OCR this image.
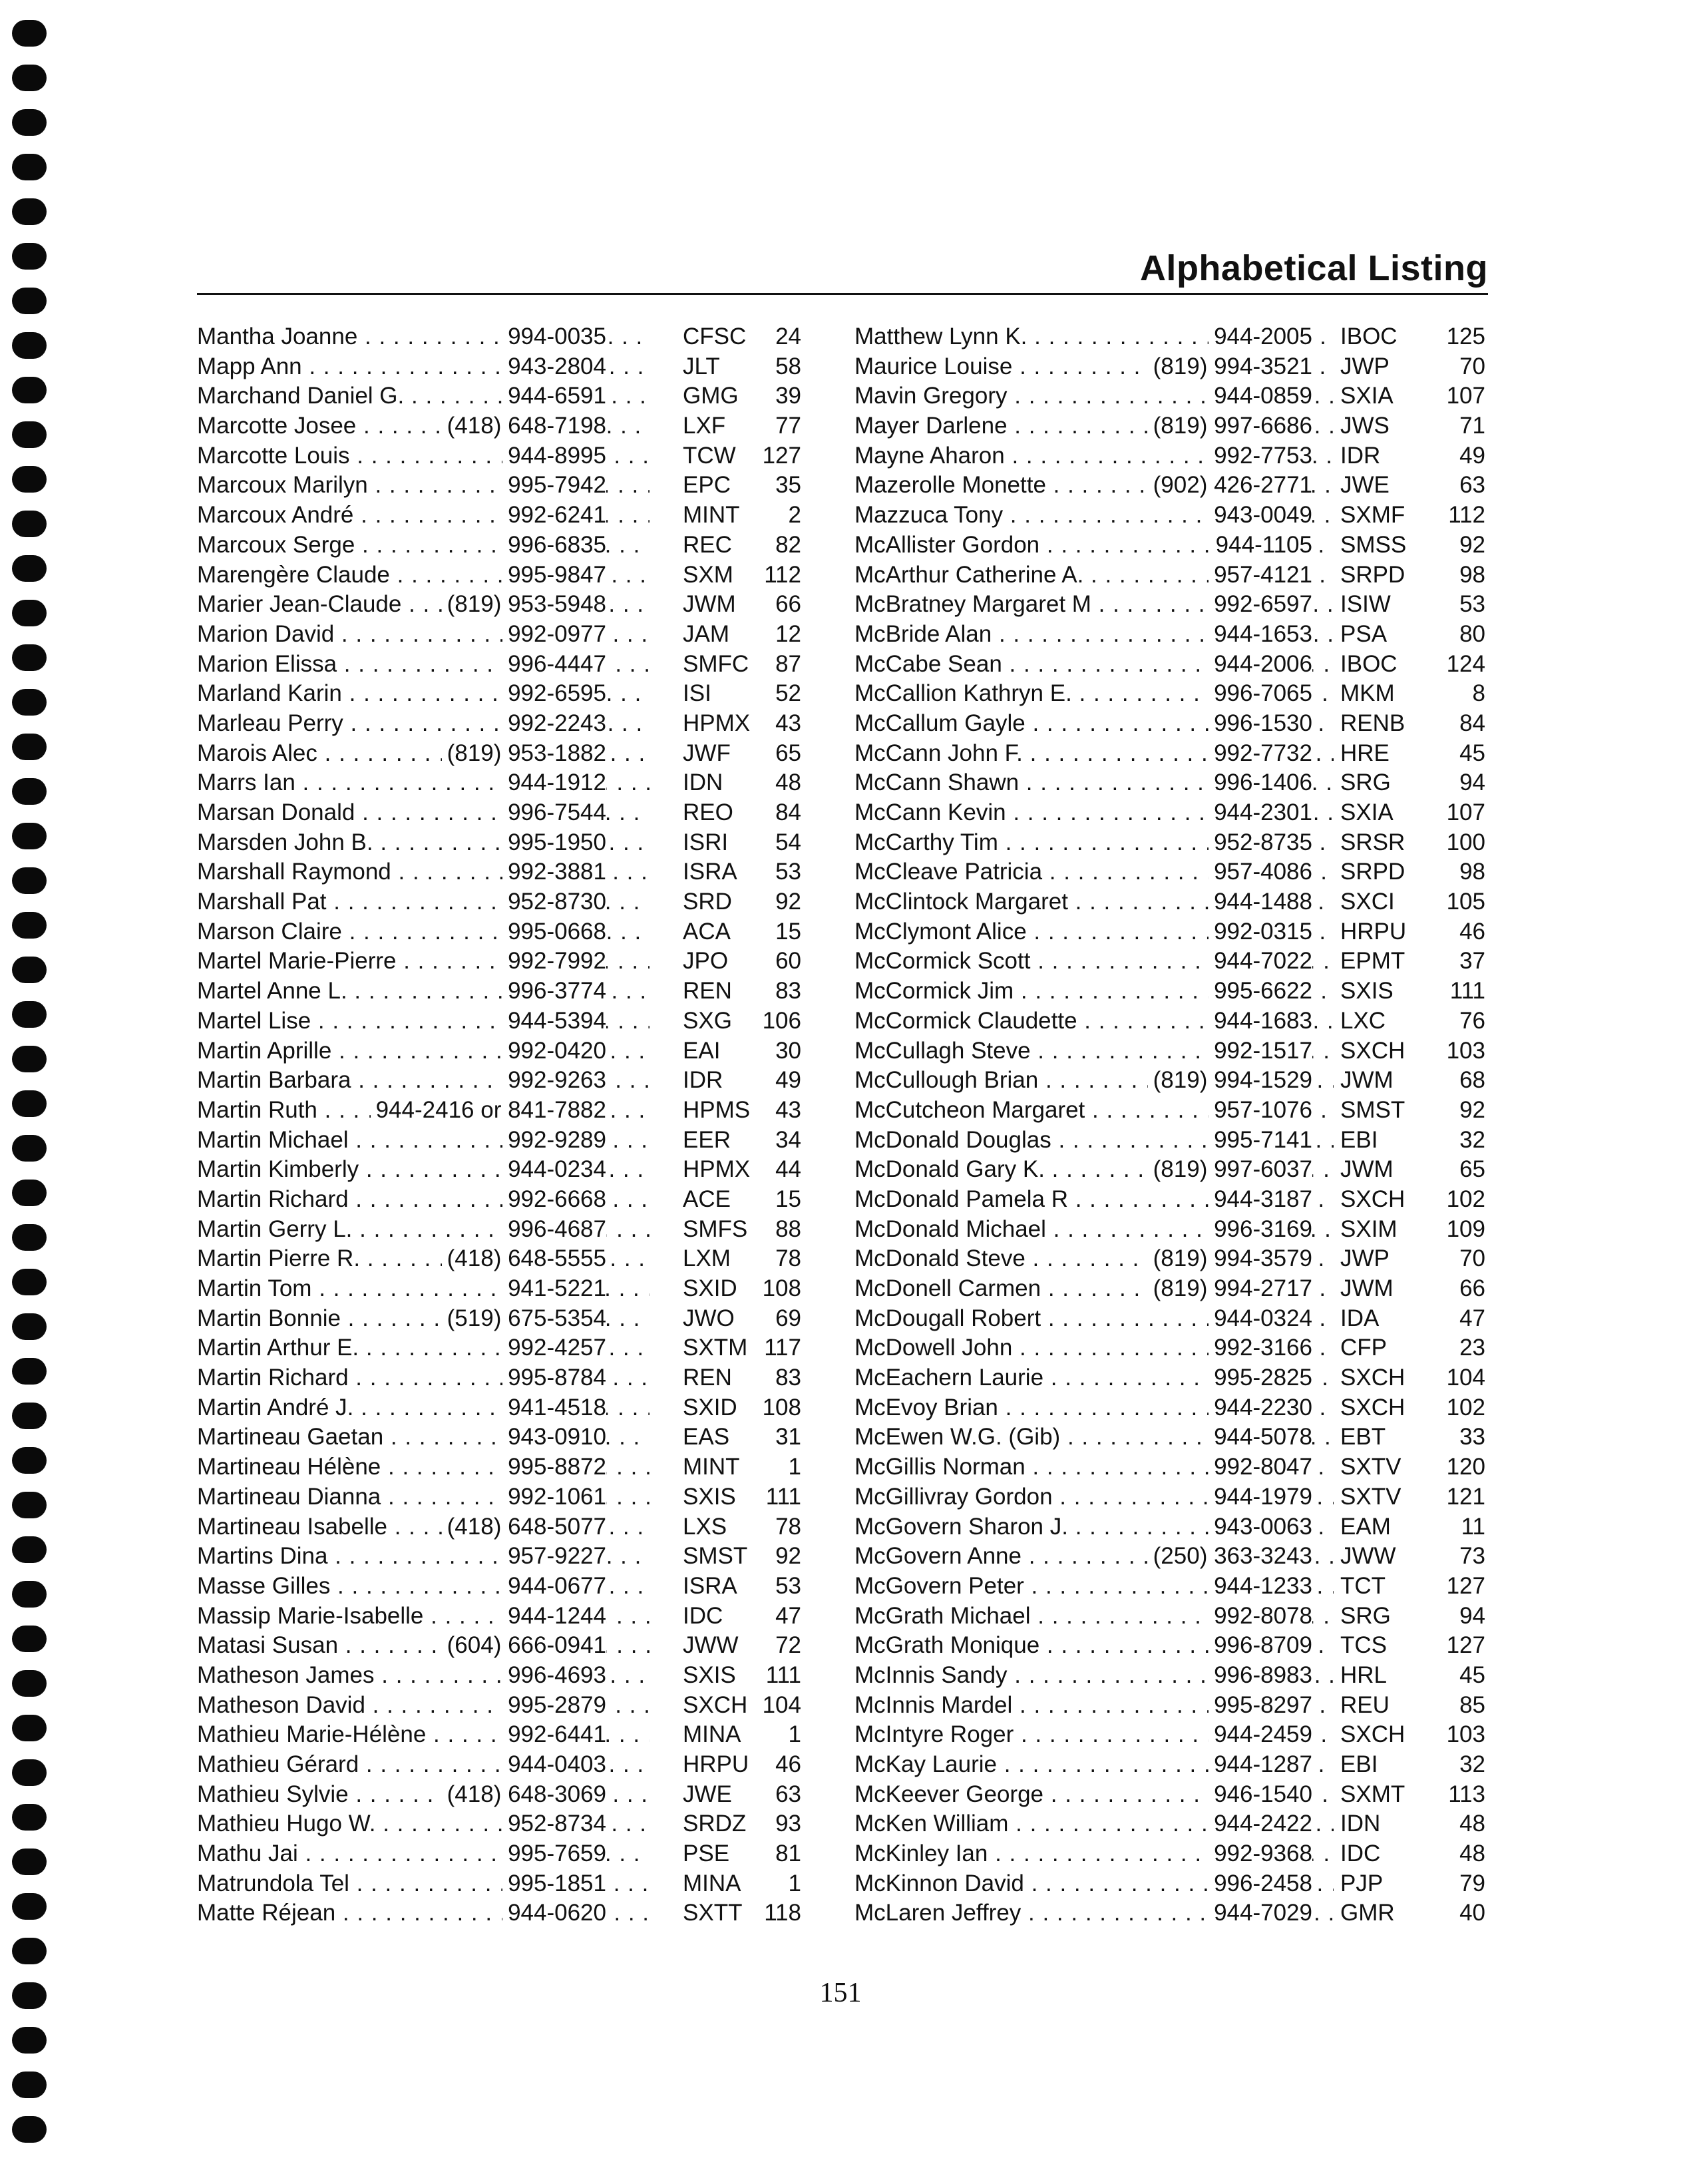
Alphabetical Listing
Mantha Joanne . . .	994-0035	CFSC	24
Mapp Ann . . .	943-2804	JLT	58
Marchand Daniel G. . . .	944-6591	GMG	39
Marcotte Josee . . .	(418) 648-7198	LXF	77
Marcotte Louis . . .	944-8995	TCW	127
Marcoux Marilyn . . .	995-7942	EPC	35
Marcoux André . . .	992-6241	MINT	2
Marcoux Serge . . .	996-6835	REC	82
Marengère Claude . . .	995-9847	SXM	112
Marier Jean-Claude . . .	(819) 953-5948	JWM	66
Marion David . . .	992-0977	JAM	12
Marion Elissa . . .	996-4447	SMFC	87
Marland Karin . . .	992-6595	ISI	52
Marleau Perry . . .	992-2243	HPMX	43
Marois Alec . . .	(819) 953-1882	JWF	65
Marrs Ian . . .	944-1912	IDN	48
Marsan Donald . . .	996-7544	REO	84
Marsden John B. . . .	995-1950	ISRI	54
Marshall Raymond . . .	992-3881	ISRA	53
Marshall Pat . . .	952-8730	SRD	92
Marson Claire . . .	995-0668	ACA	15
Martel Marie-Pierre . . .	992-7992	JPO	60
Martel Anne L. . . .	996-3774	REN	83
Martel Lise . . .	944-5394	SXG	106
Martin Aprille . . .	992-0420	EAI	30
Martin Barbara . . .	992-9263	IDR	49
Martin Ruth . . .	944-2416 or 841-7882	HPMS	43
Martin Michael . . .	992-9289	EER	34
Martin Kimberly . . .	944-0234	HPMX	44
Martin Richard . . .	992-6668	ACE	15
Martin Gerry L. . . .	996-4687	SMFS	88
Martin Pierre R. . . .	(418) 648-5555	LXM	78
Martin Tom . . .	941-5221	SXID	108
Martin Bonnie . . .	(519) 675-5354	JWO	69
Martin Arthur E. . . .	992-4257	SXTM 117
Martin Richard . . .	995-8784	REN	83
Martin André J. . . .	941-4518	SXID	108
Martineau Gaetan . . .	943-0910	EAS	31
Martineau Hélène . . .	995-8872	MINT	1
Martineau Dianna . . .	992-1061	SXIS	111
Martineau Isabelle . . .	(418) 648-5077	LXS	78
Martins Dina . . .	957-9227	SMST	92
Masse Gilles . . .	944-0677	ISRA	53
Massip Marie-Isabelle . . .	944-1244	IDC	47
Matasi Susan . . .	(604) 666-0941	JWW	72
Matheson James . . .	996-4693	SXIS	111
Matheson David . . .	995-2879	SXCH 104
Mathieu Marie-Hélène . . .	992-6441	MINA	1
Mathieu Gérard . . .	944-0403	HRPU	46
Mathieu Sylvie . . .	(418) 648-3069	JWE	63
Mathieu Hugo W. . . .	952-8734	SRDZ	93
Mathu Jai . . .	995-7659	PSE	81
Matrundola Tel . . .	995-1851	MINA	1
Matte Réjean . . .	944-0620	SXTT 118
Matthew Lynn K. . . .	944-2005 IBOC	125
Maurice Louise . . .	(819) 994-3521 JWP	70
Mavin Gregory . . .	944-0859 SXIA	107
Mayer Darlene . . .	(819) 997-6686 JWS	71
Mayne Aharon . . .	992-7753 IDR	49
Mazerolle Monette . . .	(902) 426-2771 JWE	63
Mazzuca Tony . . .	943-0049 SXMF	112
McAllister Gordon . . .	944-1105 SMSS	92
McArthur Catherine A. . . .	957-4121 SRPD	98
McBratney Margaret M . . .	992-6597 ISIW	53
McBride Alan . . .	944-1653 PSA	80
McCabe Sean . . .	944-2006 IBOC	124
McCallion Kathryn E. . . .	996-7065 MKM	8
McCallum Gayle . . .	996-1530 RENB	84
McCann John F. . . .	992-7732 HRE	45
McCann Shawn . . .	996-1406 SRG	94
McCann Kevin . . .	944-2301 SXIA	107
McCarthy Tim . . .	952-8735 SRSR	100
McCleave Patricia . . .	957-4086 SRPD	98
McClintock Margaret . . .	944-1488 SXCI	105
McClymont Alice . . .	992-0315 HRPU	46
McCormick Scott . . .	944-7022 EPMT	37
McCormick Jim . . .	995-6622 SXIS	111
McCormick Claudette . . .	944-1683 LXC	76
McCullagh Steve . . .	992-1517 SXCH	103
McCullough Brian . . .	(819) 994-1529 JWM	68
McCutcheon Margaret . . .	957-1076 SMST	92
McDonald Douglas . . .	995-7141 EBI	32
McDonald Gary K. . . .	(819) 997-6037 JWM	65
McDonald Pamela R . . .	944-3187 SXCH	102
McDonald Michael . . .	996-3169 SXIM	109
McDonald Steve . . .	(819) 994-3579 JWP	70
McDonell Carmen . . .	(819) 994-2717 JWM	66
McDougall Robert . . .	944-0324 IDA	47
McDowell John . . .	992-3166 CFP	23
McEachern Laurie . . .	995-2825 SXCH	104
McEvoy Brian . . .	944-2230 SXCH	102
McEwen W.G. (Gib) . . .	944-5078 EBT	33
McGillis Norman . . .	992-8047 SXTV	120
McGillivray Gordon . . .	944-1979 SXTV	121
McGovern Sharon J. . . .	943-0063 EAM	11
McGovern Anne . . .	(250) 363-3243 JWW	73
McGovern Peter . . .	944-1233 TCT	127
McGrath Michael . . .	992-8078 SRG	94
McGrath Monique . . .	996-8709 TCS	127
McInnis Sandy . . .	996-8983 HRL	45
McInnis Mardel . . .	995-8297 REU	85
McIntyre Roger . . .	944-2459 SXCH	103
McKay Laurie . . .	944-1287 EBI	32
McKeever George . . .	946-1540 SXMT	113
McKen William . . .	944-2422 IDN	48
McKinley Ian . . .	992-9368 IDC	48
McKinnon David . . .	996-2458 PJP	79
McLaren Jeffrey . . .	944-7029 GMR	40
151
